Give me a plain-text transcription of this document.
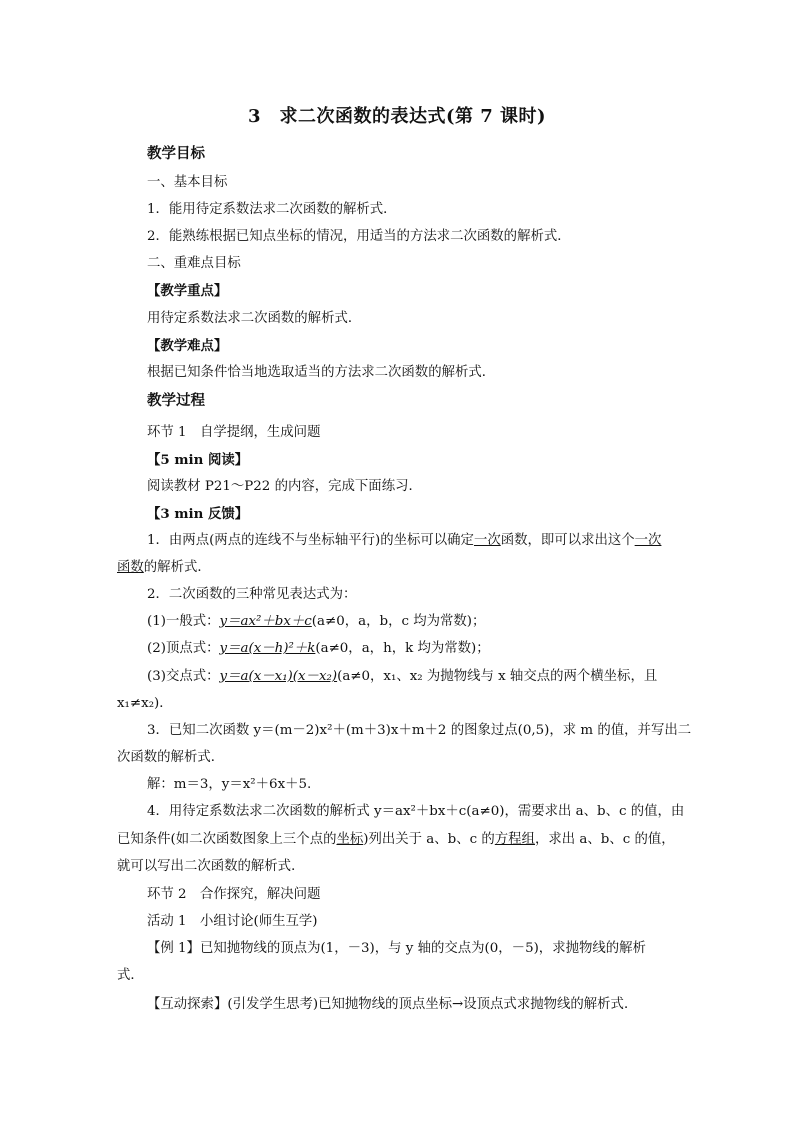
3　求二次函数的表达式(第 7 课时)
教学目标
一、基本目标
1．能用待定系数法求二次函数的解析式．
2．能熟练根据已知点坐标的情况，用适当的方法求二次函数的解析式．
二、重难点目标
【教学重点】
用待定系数法求二次函数的解析式．
【教学难点】
根据已知条件恰当地选取适当的方法求二次函数的解析式．
教学过程
环节 1　自学提纲，生成问题
【5 min 阅读】
阅读教材 P21～P22 的内容，完成下面练习．
【3 min 反馈】
1．由两点(两点的连线不与坐标轴平行)的坐标可以确定一次函数，即可以求出这个一次
函数的解析式．
2．二次函数的三种常见表达式为：
(1)一般式：y＝ax²＋bx＋c(a≠0，a，b，c 均为常数)；
(2)顶点式：y＝a(x－h)²＋k(a≠0，a，h，k 均为常数)；
(3)交点式：y＝a(x－x₁)(x－x₂)(a≠0，x₁、x₂ 为抛物线与 x 轴交点的两个横坐标，且
x₁≠x₂)．
3．已知二次函数 y＝(m－2)x²＋(m＋3)x＋m＋2 的图象过点(0,5)，求 m 的值，并写出二
次函数的解析式．
解：m＝3，y＝x²＋6x＋5.
4．用待定系数法求二次函数的解析式 y＝ax²＋bx＋c(a≠0)，需要求出 a、b、c 的值，由
已知条件(如二次函数图象上三个点的坐标)列出关于 a、b、c 的方程组，求出 a、b、c 的值，
就可以写出二次函数的解析式．
环节 2　合作探究，解决问题
活动 1　小组讨论(师生互学)
【例 1】已知抛物线的顶点为(1，－3)，与 y 轴的交点为(0，－5)，求抛物线的解析
式．
【互动探索】(引发学生思考)已知抛物线的顶点坐标→设顶点式求抛物线的解析式．
